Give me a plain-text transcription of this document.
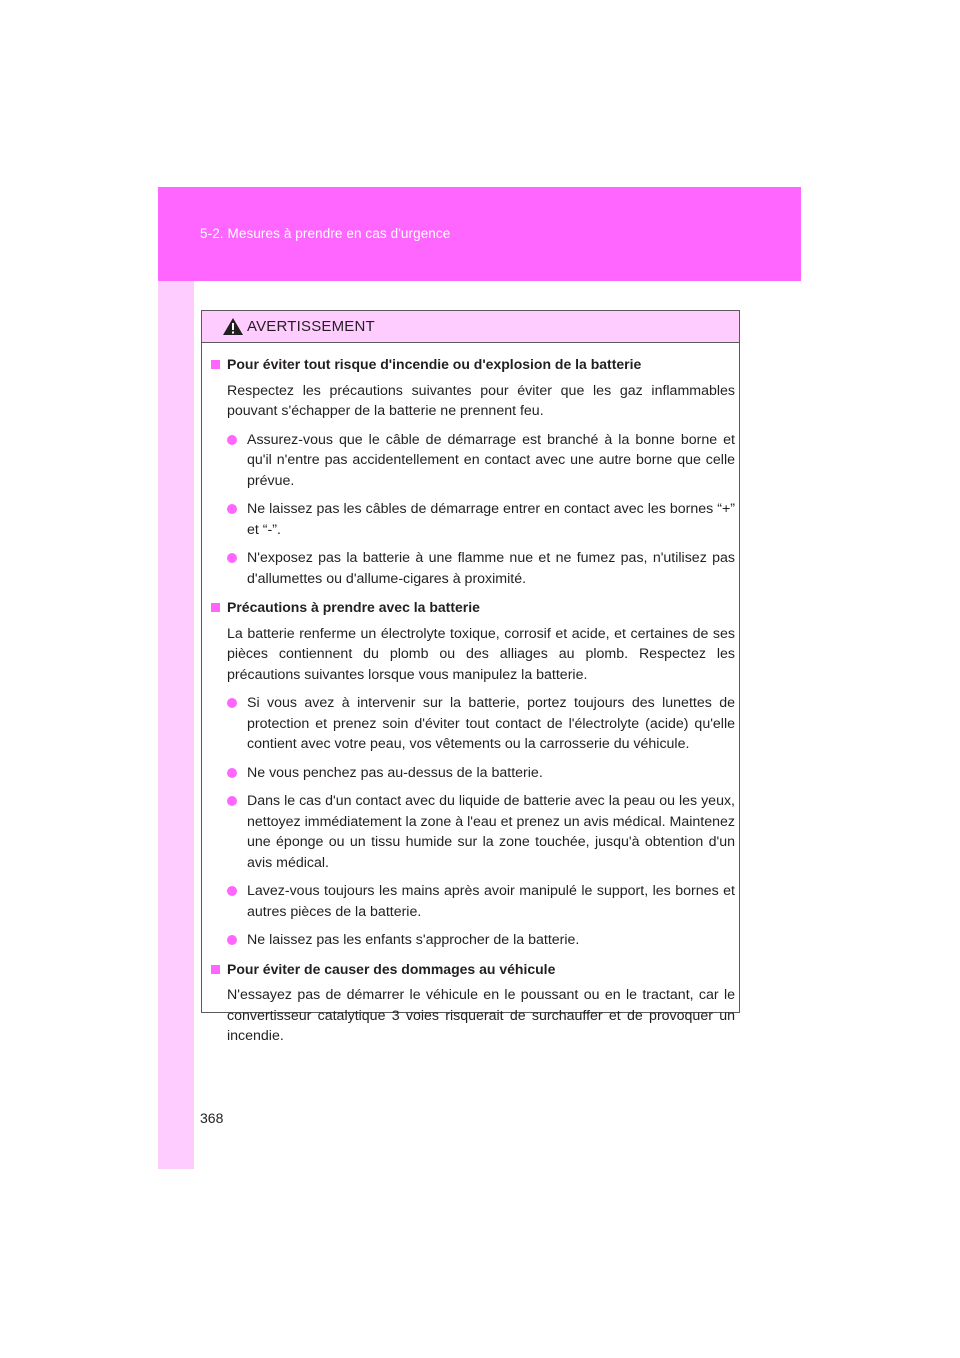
5-2. Mesures à prendre en cas d'urgence
AVERTISSEMENT
Pour éviter tout risque d'incendie ou d'explosion de la batterie
Respectez les précautions suivantes pour éviter que les gaz inflammables pouvant s'échapper de la batterie ne prennent feu.
Assurez-vous que le câble de démarrage est branché à la bonne borne et qu'il n'entre pas accidentellement en contact avec une autre borne que celle prévue.
Ne laissez pas les câbles de démarrage entrer en contact avec les bornes “+” et “-”.
N'exposez pas la batterie à une flamme nue et ne fumez pas, n'utilisez pas d'allumettes ou d'allume-cigares à proximité.
Précautions à prendre avec la batterie
La batterie renferme un électrolyte toxique, corrosif et acide, et certaines de ses pièces contiennent du plomb ou des alliages au plomb. Respectez les précautions suivantes lorsque vous manipulez la batterie.
Si vous avez à intervenir sur la batterie, portez toujours des lunettes de protection et prenez soin d'éviter tout contact de l'électrolyte (acide) qu'elle contient avec votre peau, vos vêtements ou la carrosserie du véhicule.
Ne vous penchez pas au-dessus de la batterie.
Dans le cas d'un contact avec du liquide de batterie avec la peau ou les yeux, nettoyez immédiatement la zone à l'eau et prenez un avis médical. Maintenez une éponge ou un tissu humide sur la zone touchée, jusqu'à obtention d'un avis médical.
Lavez-vous toujours les mains après avoir manipulé le support, les bornes et autres pièces de la batterie.
Ne laissez pas les enfants s'approcher de la batterie.
Pour éviter de causer des dommages au véhicule
N'essayez pas de démarrer le véhicule en le poussant ou en le tractant, car le convertisseur catalytique 3 voies risquerait de surchauffer et de provoquer un incendie.
368
